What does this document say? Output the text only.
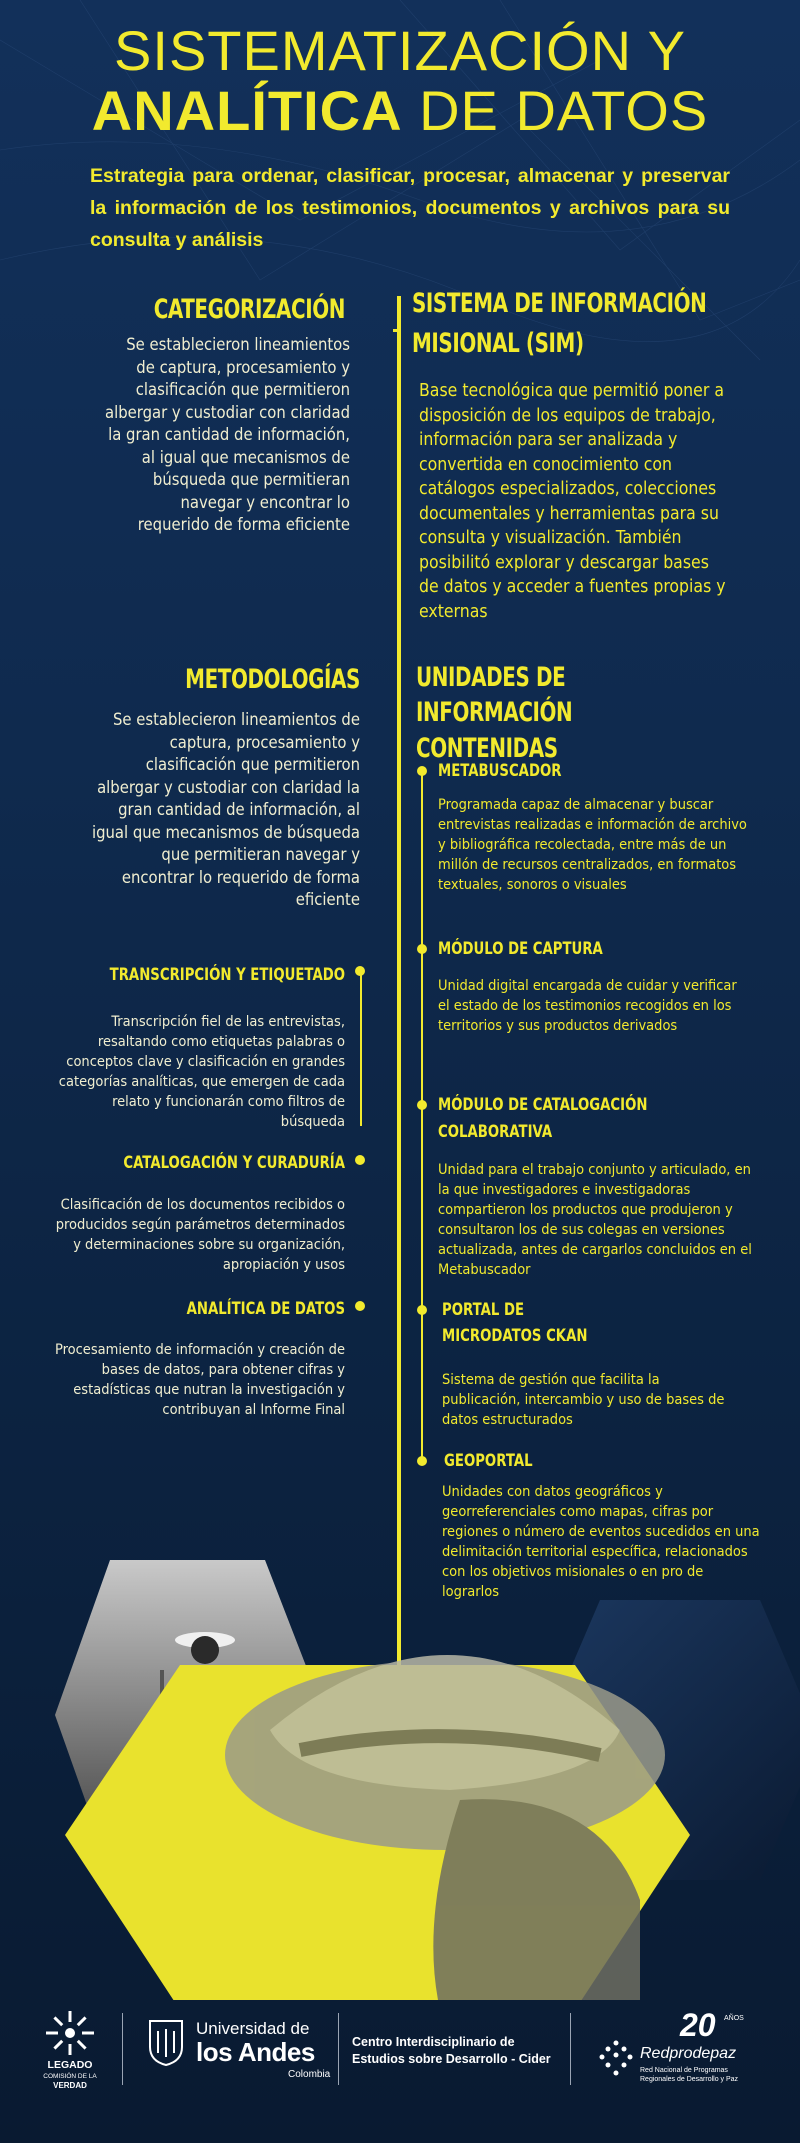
SISTEMATIZACIÓN Y
ANALÍTICA DE DATOS
Estrategia para ordenar, clasificar, procesar, almacenar y preservar la información de los testimonios, documentos y archivos para su consulta y análisis
CATEGORIZACIÓN
Se establecieron lineamientos de captura, procesamiento y clasificación que permitieron albergar y custodiar con claridad la gran cantidad de información, al igual que mecanismos de búsqueda que permitieran navegar y encontrar lo requerido de forma eficiente
METODOLOGÍAS
Se establecieron lineamientos de captura, procesamiento y clasificación que permitieron albergar y custodiar con claridad la gran cantidad de información, al igual que mecanismos de búsqueda que permitieran navegar y encontrar lo requerido de forma eficiente
TRANSCRIPCIÓN Y ETIQUETADO
Transcripción fiel de las entrevistas, resaltando como etiquetas palabras o conceptos clave y clasificación en grandes categorías analíticas, que emergen de cada relato y funcionarán como filtros de búsqueda
CATALOGACIÓN Y CURADURÍA
Clasificación de los documentos recibidos o producidos según parámetros determinados y determinaciones sobre su organización, apropiación y usos
ANALÍTICA DE DATOS
Procesamiento de información y creación de bases de datos, para obtener cifras y estadísticas que nutran la investigación y contribuyan al Informe Final
SISTEMA DE INFORMACIÓN
MISIONAL (SIM)
Base tecnológica que permitió poner a disposición de los equipos de trabajo, información para ser analizada y convertida en conocimiento con catálogos especializados, colecciones documentales y herramientas para su consulta y visualización. También posibilitó explorar y descargar bases de datos y acceder a fuentes propias y externas
UNIDADES DE
INFORMACIÓN CONTENIDAS
METABUSCADOR
Programada capaz de almacenar y buscar entrevistas realizadas e información de archivo y bibliográfica recolectada, entre más de un millón de recursos centralizados, en formatos textuales, sonoros o visuales
MÓDULO DE CAPTURA
Unidad digital encargada de cuidar y verificar el estado de los testimonios recogidos en los territorios y sus productos derivados
MÓDULO DE CATALOGACIÓN
COLABORATIVA
Unidad para el trabajo conjunto y articulado, en la que investigadores e investigadoras compartieron los productos que produjeron y consultaron los de sus colegas en versiones actualizada, antes de cargarlos concluidos en el Metabuscador
PORTAL DE
MICRODATOS CKAN
Sistema de gestión que facilita la publicación, intercambio y uso de bases de datos estructurados
GEOPORTAL
Unidades con datos geográficos y georreferenciales como mapas, cifras por regiones o número de eventos sucedidos en una delimitación territorial específica, relacionados con los objetivos misionales o en pro de lograrlos
LEGADO
COMISIÓN DE LA
VERDAD
Universidad de
los Andes
Colombia
Centro Interdisciplinario de
Estudios sobre Desarrollo - Cider
20 AÑOS
Redprodepaz
Red Nacional de Programas
Regionales de Desarrollo y Paz
